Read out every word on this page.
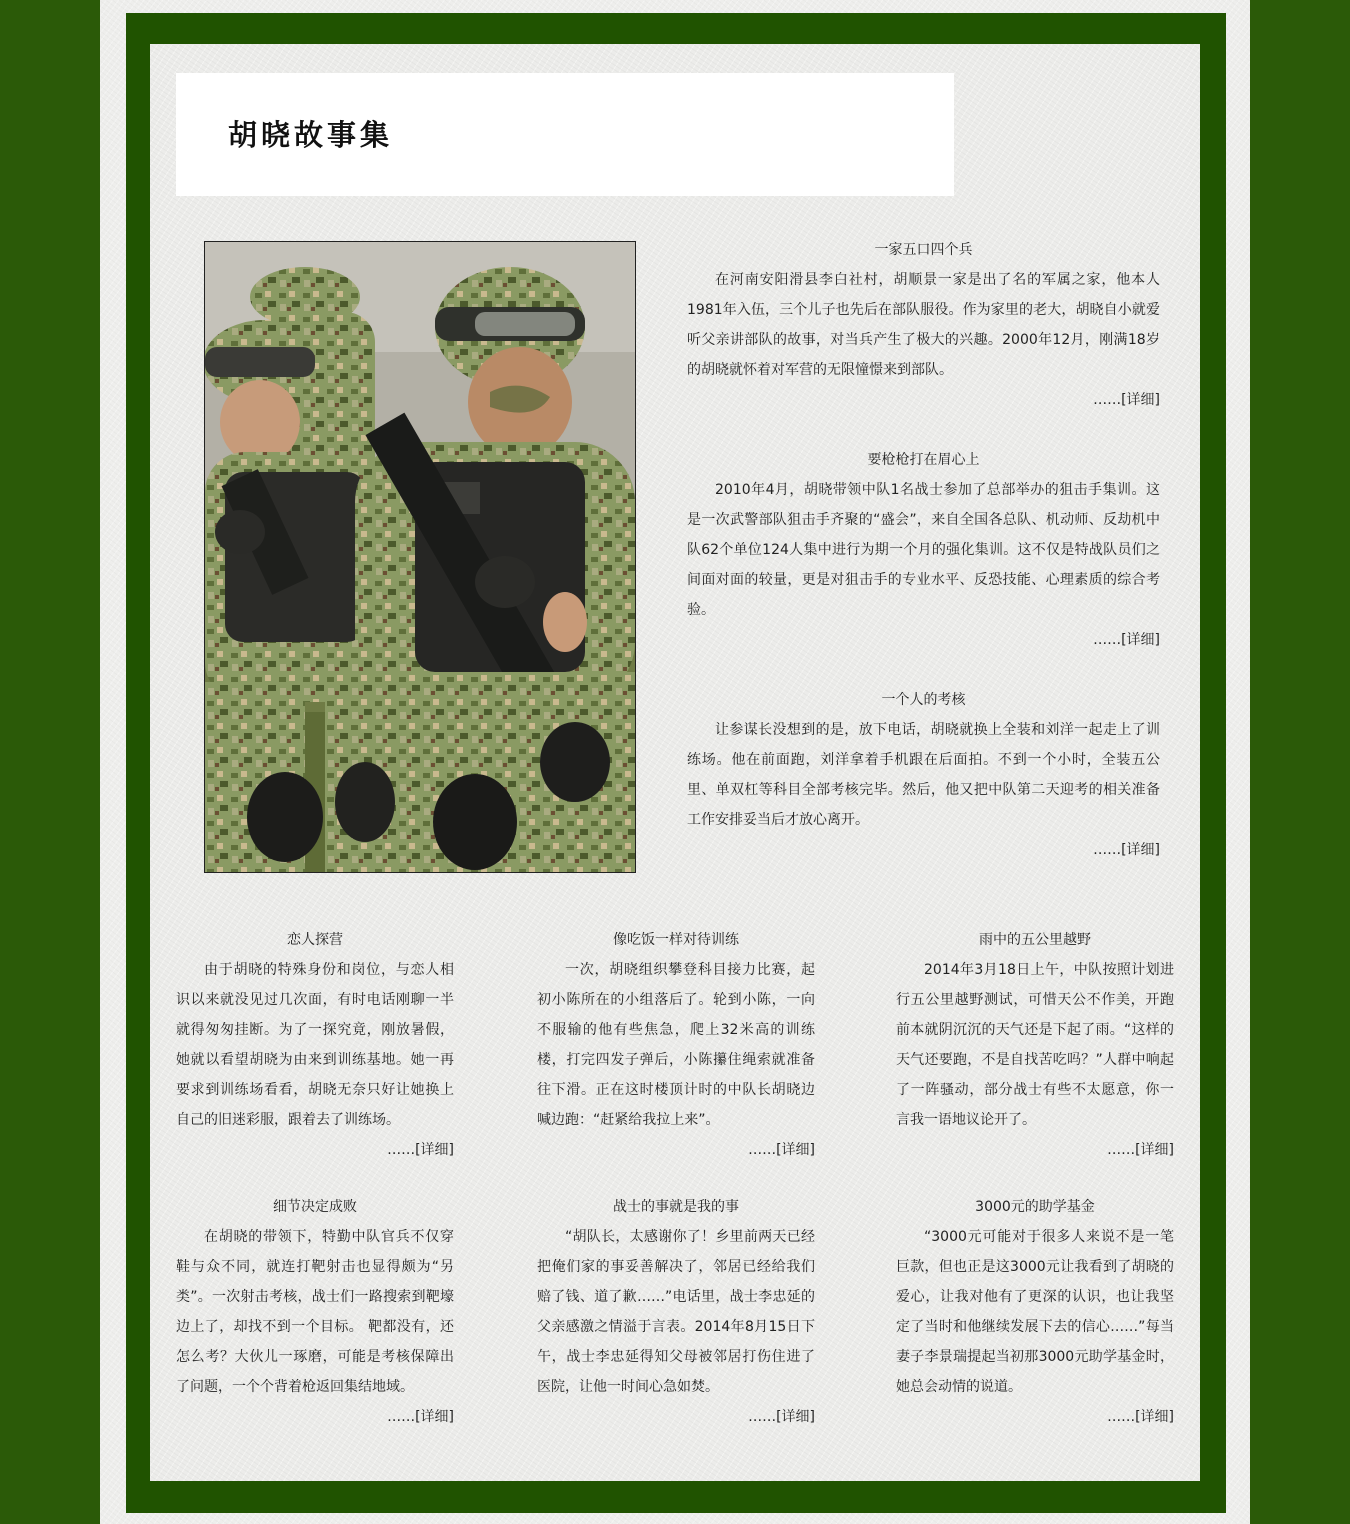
胡晓故事集
一家五口四个兵
在河南安阳滑县李白社村，胡顺景一家是出了名的军属之家，他本人1981年入伍，三个儿子也先后在部队服役。作为家里的老大，胡晓自小就爱听父亲讲部队的故事，对当兵产生了极大的兴趣。2000年12月，刚满18岁的胡晓就怀着对军营的无限憧憬来到部队。
……[详细]
要枪枪打在眉心上
2010年4月，胡晓带领中队1名战士参加了总部举办的狙击手集训。这是一次武警部队狙击手齐聚的“盛会”，来自全国各总队、机动师、反劫机中队62个单位124人集中进行为期一个月的强化集训。这不仅是特战队员们之间面对面的较量，更是对狙击手的专业水平、反恐技能、心理素质的综合考验。
……[详细]
一个人的考核
让参谋长没想到的是，放下电话，胡晓就换上全装和刘洋一起走上了训练场。他在前面跑，刘洋拿着手机跟在后面拍。不到一个小时，全装五公里、单双杠等科目全部考核完毕。然后，他又把中队第二天迎考的相关准备工作安排妥当后才放心离开。
……[详细]
恋人探营
由于胡晓的特殊身份和岗位，与恋人相识以来就没见过几次面，有时电话刚聊一半就得匆匆挂断。为了一探究竟，刚放暑假，她就以看望胡晓为由来到训练基地。她一再要求到训练场看看，胡晓无奈只好让她换上自己的旧迷彩服，跟着去了训练场。
……[详细]
像吃饭一样对待训练
一次，胡晓组织攀登科目接力比赛，起初小陈所在的小组落后了。轮到小陈，一向不服输的他有些焦急，爬上32米高的训练楼，打完四发子弹后，小陈攥住绳索就准备往下滑。正在这时楼顶计时的中队长胡晓边喊边跑：“赶紧给我拉上来”。
……[详细]
雨中的五公里越野
2014年3月18日上午，中队按照计划进行五公里越野测试，可惜天公不作美，开跑前本就阴沉沉的天气还是下起了雨。“这样的天气还要跑，不是自找苦吃吗？”人群中响起了一阵骚动，部分战士有些不太愿意，你一言我一语地议论开了。
……[详细]
细节决定成败
在胡晓的带领下，特勤中队官兵不仅穿鞋与众不同，就连打靶射击也显得颇为“另类”。一次射击考核，战士们一路搜索到靶壕边上了，却找不到一个目标。 靶都没有，还怎么考？大伙儿一琢磨，可能是考核保障出了问题，一个个背着枪返回集结地域。
……[详细]
战士的事就是我的事
“胡队长，太感谢你了！乡里前两天已经把俺们家的事妥善解决了，邻居已经给我们赔了钱、道了歉……”电话里，战士李忠延的父亲感激之情溢于言表。2014年8月15日下午，战士李忠延得知父母被邻居打伤住进了医院，让他一时间心急如焚。
……[详细]
3000元的助学基金
“3000元可能对于很多人来说不是一笔巨款，但也正是这3000元让我看到了胡晓的爱心，让我对他有了更深的认识，也让我坚定了当时和他继续发展下去的信心……”每当妻子李景瑞提起当初那3000元助学基金时，她总会动情的说道。
……[详细]
